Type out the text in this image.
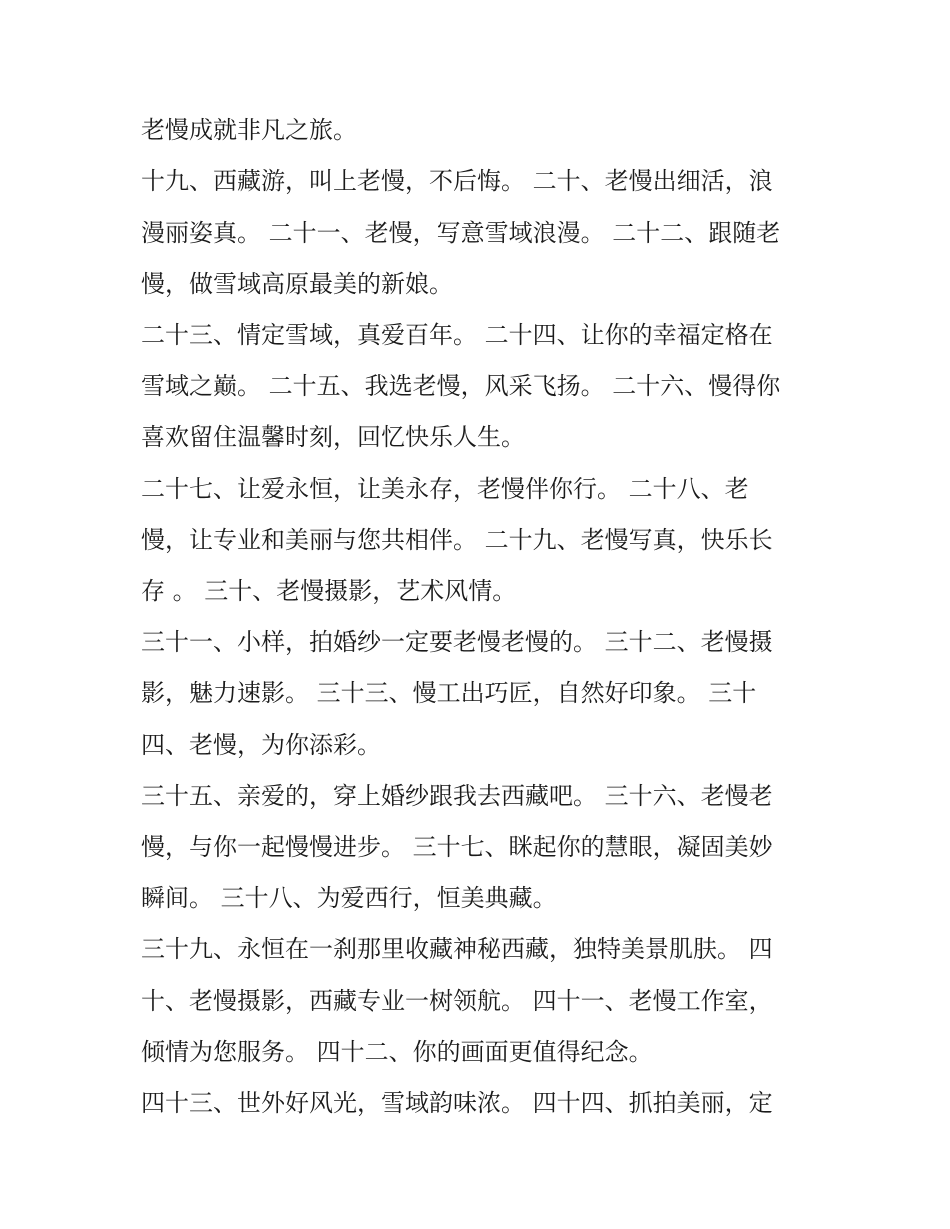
老慢成就非凡之旅。
十九、西藏游，叫上老慢，不后悔。 二十、老慢出细活，浪
漫丽姿真。 二十一、老慢，写意雪域浪漫。 二十二、跟随老
慢，做雪域高原最美的新娘。
二十三、情定雪域，真爱百年。 二十四、让你的幸福定格在
雪域之巅。 二十五、我选老慢，风采飞扬。 二十六、慢得你
喜欢留住温馨时刻，回忆快乐人生。
二十七、让爱永恒，让美永存，老慢伴你行。 二十八、老
慢，让专业和美丽与您共相伴。 二十九、老慢写真，快乐长
存 。 三十、老慢摄影，艺术风情。
三十一、小样，拍婚纱一定要老慢老慢的。 三十二、老慢摄
影，魅力速影。 三十三、慢工出巧匠，自然好印象。 三十
四、老慢，为你添彩。
三十五、亲爱的，穿上婚纱跟我去西藏吧。 三十六、老慢老
慢，与你一起慢慢进步。 三十七、眯起你的慧眼，凝固美妙
瞬间。 三十八、为爱西行，恒美典藏。
三十九、永恒在一刹那里收藏神秘西藏，独特美景肌肤。 四
十、老慢摄影，西藏专业一树领航。 四十一、老慢工作室，
倾情为您服务。 四十二、你的画面更值得纪念。
四十三、世外好风光，雪域韵味浓。 四十四、抓拍美丽，定
